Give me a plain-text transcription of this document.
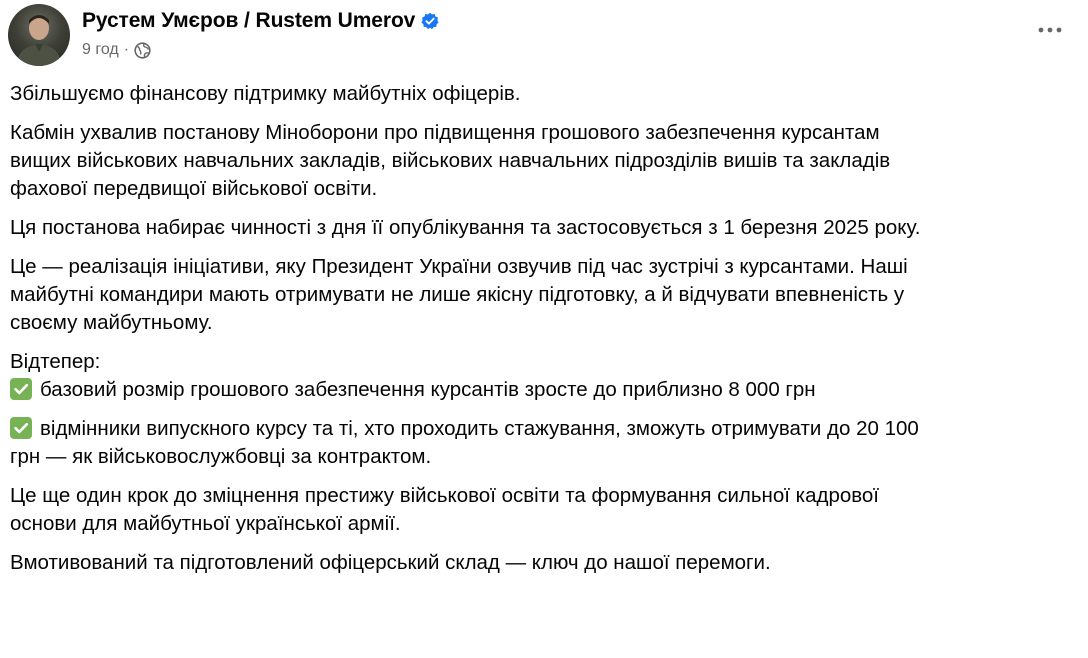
Рустем Умєров / Rustem Umerov
9 год ·
Збільшуємо фінансову підтримку майбутніх офіцерів.
Кабмін ухвалив постанову Міноборони про підвищення грошового забезпечення курсантам
вищих військових навчальних закладів, військових навчальних підрозділів вишів та закладів
фахової передвищої військової освіти.
Ця постанова набирає чинності з дня її опублікування та застосовується з 1 березня 2025 року.
Це — реалізація ініціативи, яку Президент України озвучив під час зустрічі з курсантами. Наші
майбутні командири мають отримувати не лише якісну підготовку, а й відчувати впевненість у
своєму майбутньому.
Відтепер:
базовий розмір грошового забезпечення курсантів зросте до приблизно 8 000 грн
відмінники випускного курсу та ті, хто проходить стажування, зможуть отримувати до 20 100
грн — як військовослужбовці за контрактом.
Це ще один крок до зміцнення престижу військової освіти та формування сильної кадрової
основи для майбутньої української армії.
Вмотивований та підготовлений офіцерський склад — ключ до нашої перемоги.
